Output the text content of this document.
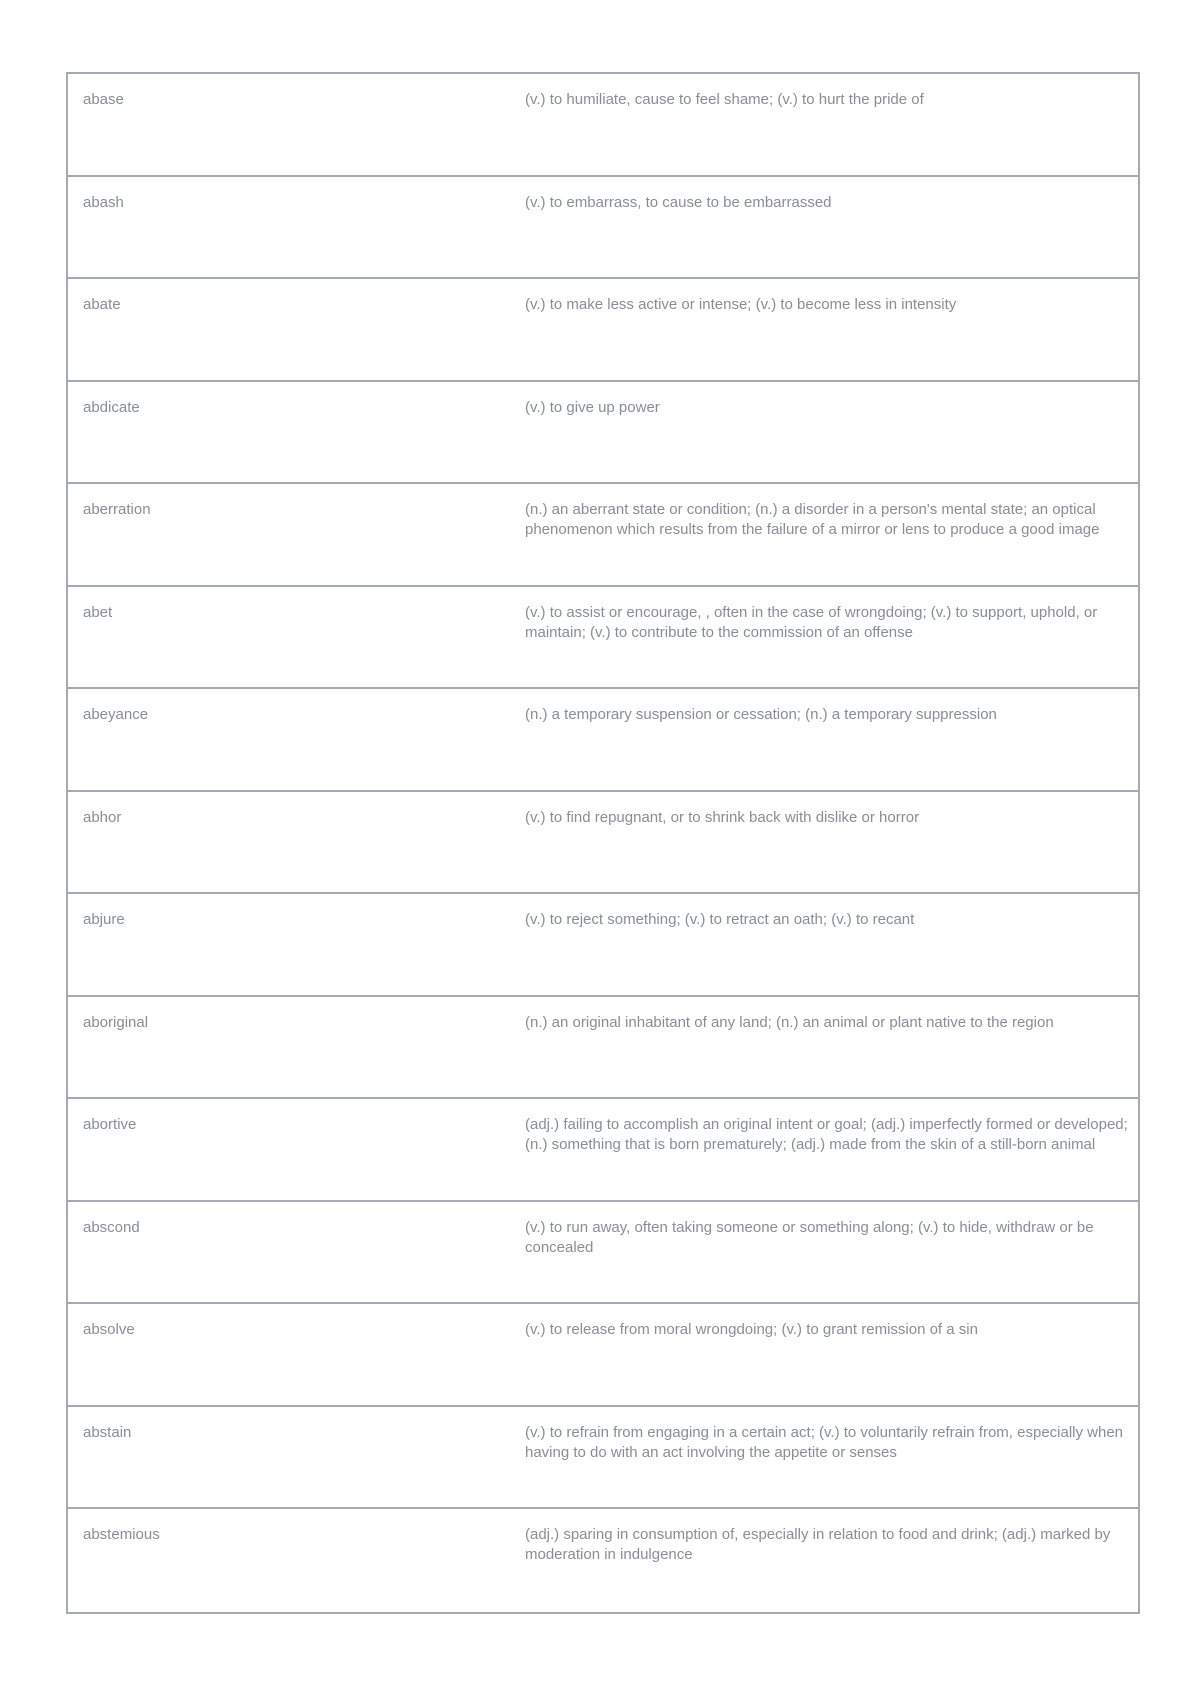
abase	(v.) to humiliate, cause to feel shame; (v.) to hurt the pride of
abash	(v.) to embarrass, to cause to be embarrassed
abate	(v.) to make less active or intense; (v.) to become less in intensity
abdicate	(v.) to give up power
aberration	(n.) an aberrant state or condition; (n.) a disorder in a person's mental state; an optical phenomenon which results from the failure of a mirror or lens to produce a good image
abet	(v.) to assist or encourage, , often in the case of wrongdoing; (v.) to support, uphold, or maintain; (v.) to contribute to the commission of an offense
abeyance	(n.) a temporary suspension or cessation; (n.) a temporary suppression
abhor	(v.) to find repugnant, or to shrink back with dislike or horror
abjure	(v.) to reject something; (v.) to retract an oath; (v.) to recant
aboriginal	(n.) an original inhabitant of any land; (n.) an animal or plant native to the region
abortive	(adj.) failing to accomplish an original intent or goal; (adj.) imperfectly formed or developed; (n.) something that is born prematurely; (adj.) made from the skin of a still-born animal
abscond	(v.) to run away, often taking someone or something along; (v.) to hide, withdraw or be concealed
absolve	(v.) to release from moral wrongdoing; (v.) to grant remission of a sin
abstain	(v.) to refrain from engaging in a certain act; (v.) to voluntarily refrain from, especially when having to do with an act involving the appetite or senses
abstemious	(adj.) sparing in consumption of, especially in relation to food and drink; (adj.) marked by moderation in indulgence
